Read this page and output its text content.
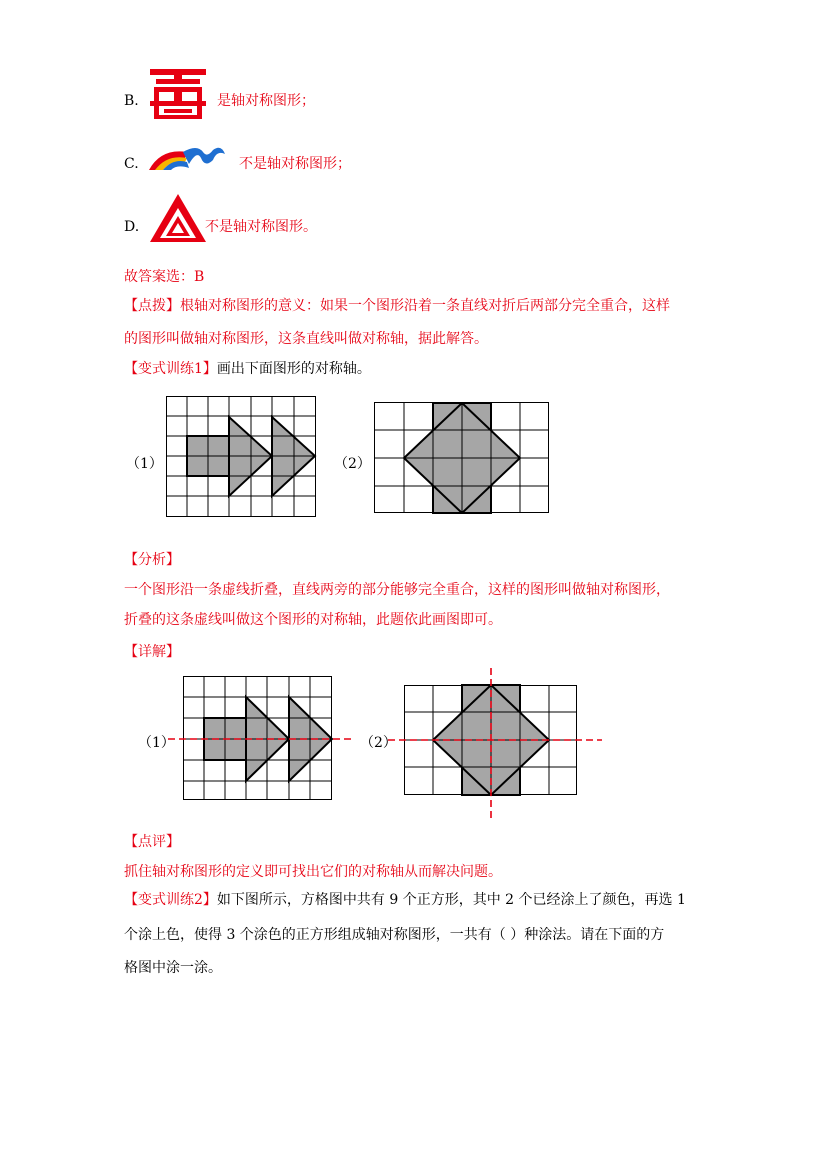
B.	是轴对称图形；
C.	不是轴对称图形；
D.	不是轴对称图形。
故答案选：B
【点拨】根轴对称图形的意义：如果一个图形沿着一条直线对折后两部分完全重合，这样
的图形叫做轴对称图形，这条直线叫做对称轴，据此解答。
【变式训练1】画出下面图形的对称轴。
（1）	（2）
【分析】
一个图形沿一条虚线折叠，直线两旁的部分能够完全重合，这样的图形叫做轴对称图形，
折叠的这条虚线叫做这个图形的对称轴，此题依此画图即可。
【详解】
（1）	（2）
【点评】
抓住轴对称图形的定义即可找出它们的对称轴从而解决问题。
【变式训练2】如下图所示，方格图中共有 9 个正方形，其中 2 个已经涂上了颜色，再选 1
个涂上色，使得 3 个涂色的正方形组成轴对称图形，一共有（ ）种涂法。请在下面的方
格图中涂一涂。
